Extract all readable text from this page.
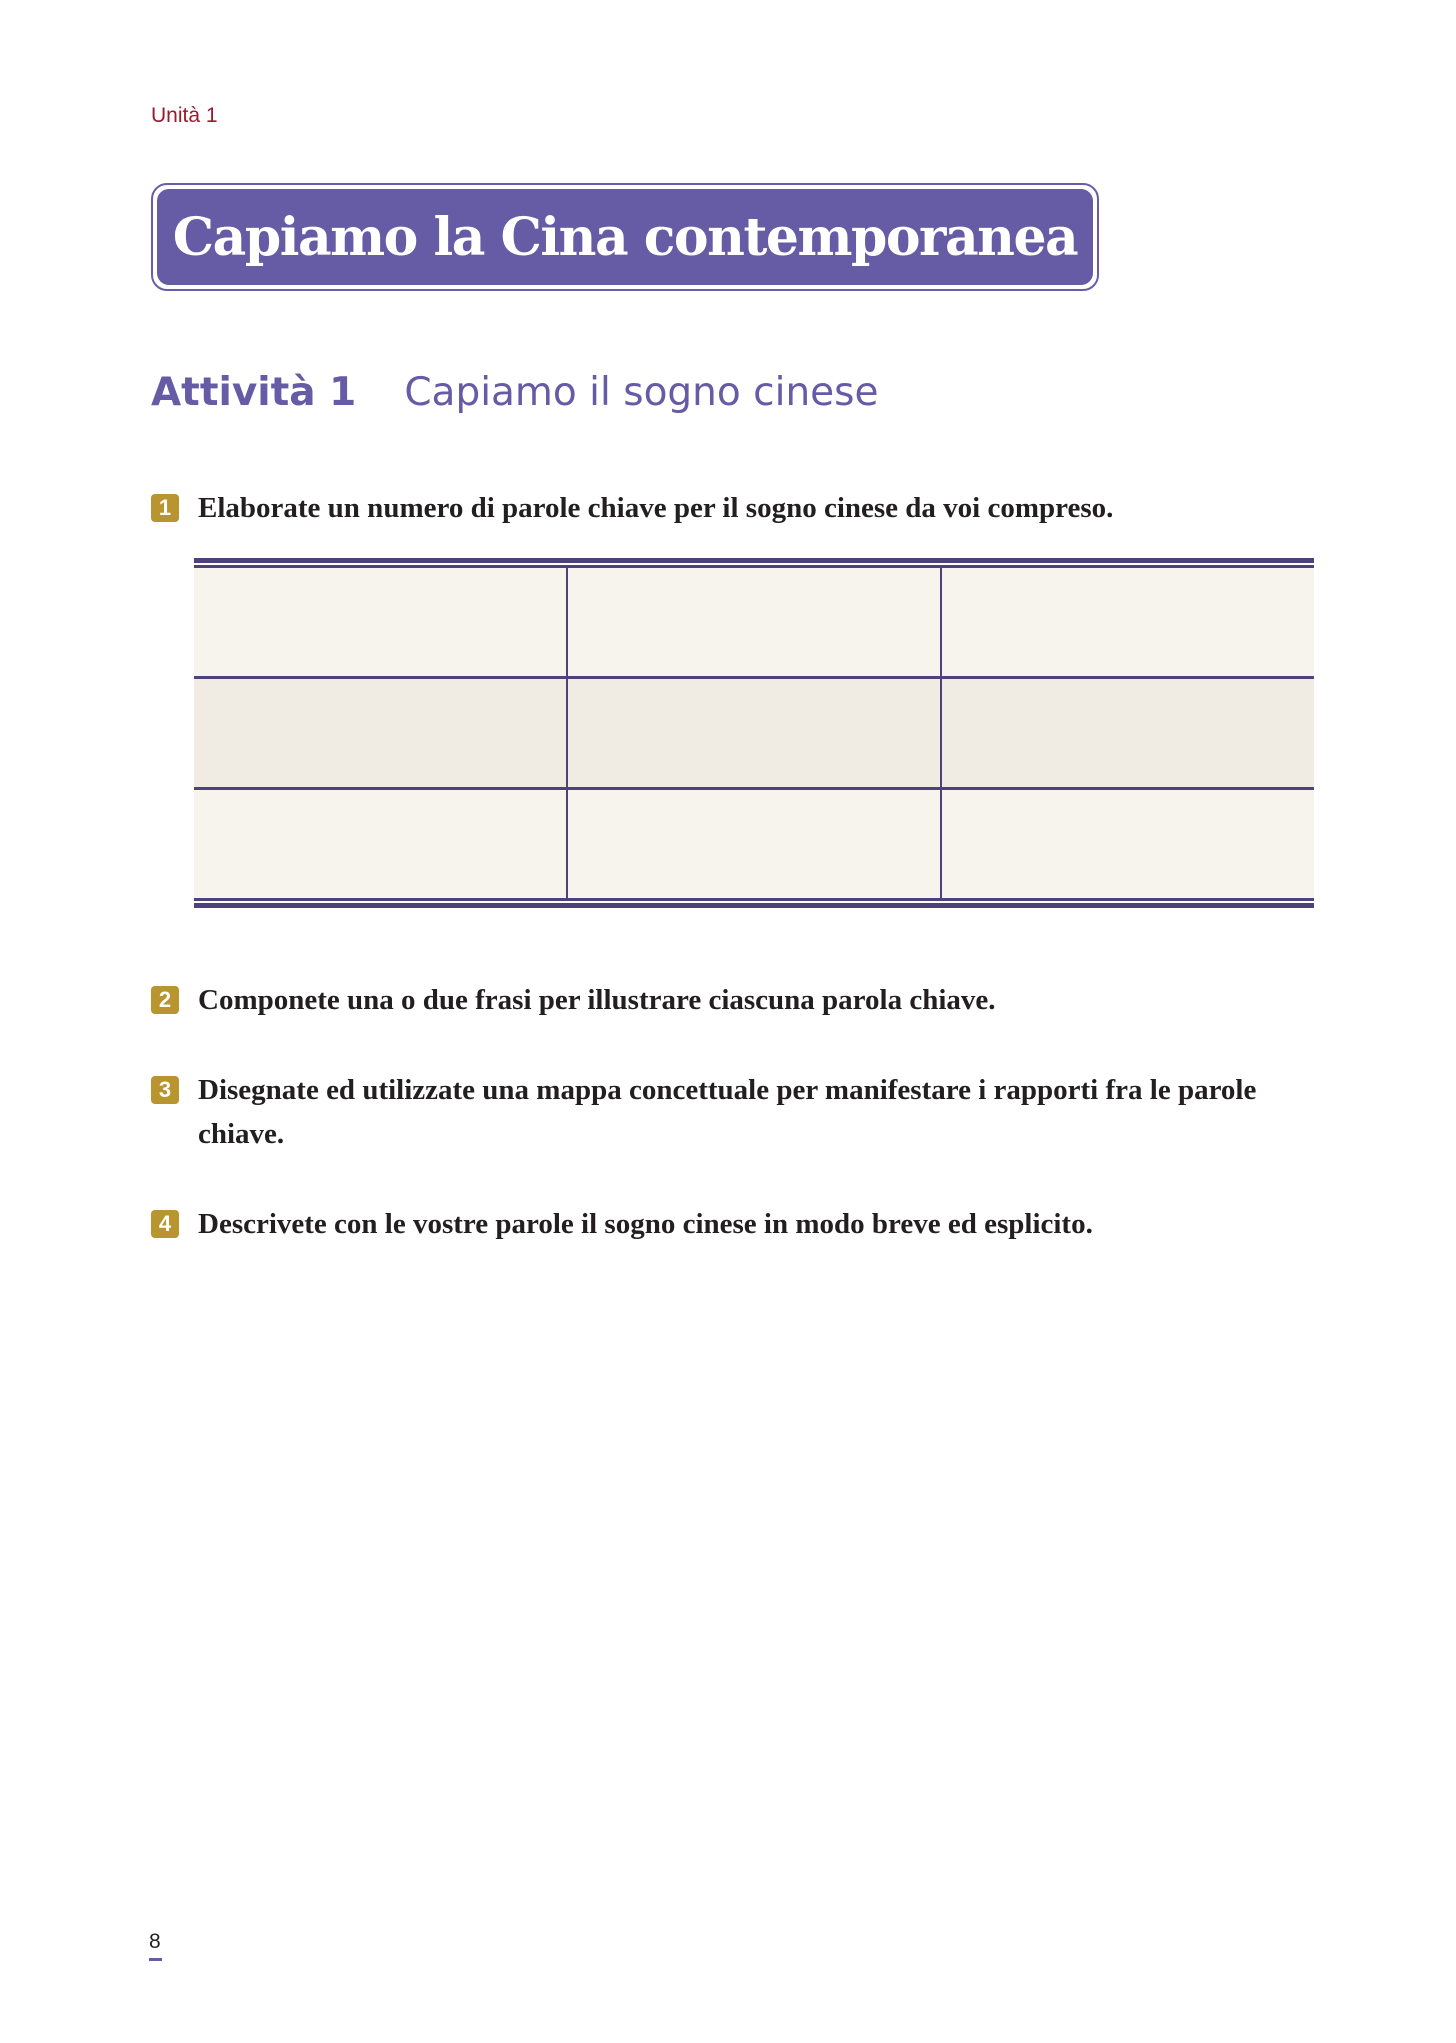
Unità 1
Capiamo la Cina contemporanea
Attività 1 Capiamo il sogno cinese
1 Elaborate un numero di parole chiave per il sogno cinese da voi compreso.
2 Componete una o due frasi per illustrare ciascuna parola chiave.
3 Disegnate ed utilizzate una mappa concettuale per manifestare i rapporti fra le parole chiave.
4 Descrivete con le vostre parole il sogno cinese in modo breve ed esplicito.
8
